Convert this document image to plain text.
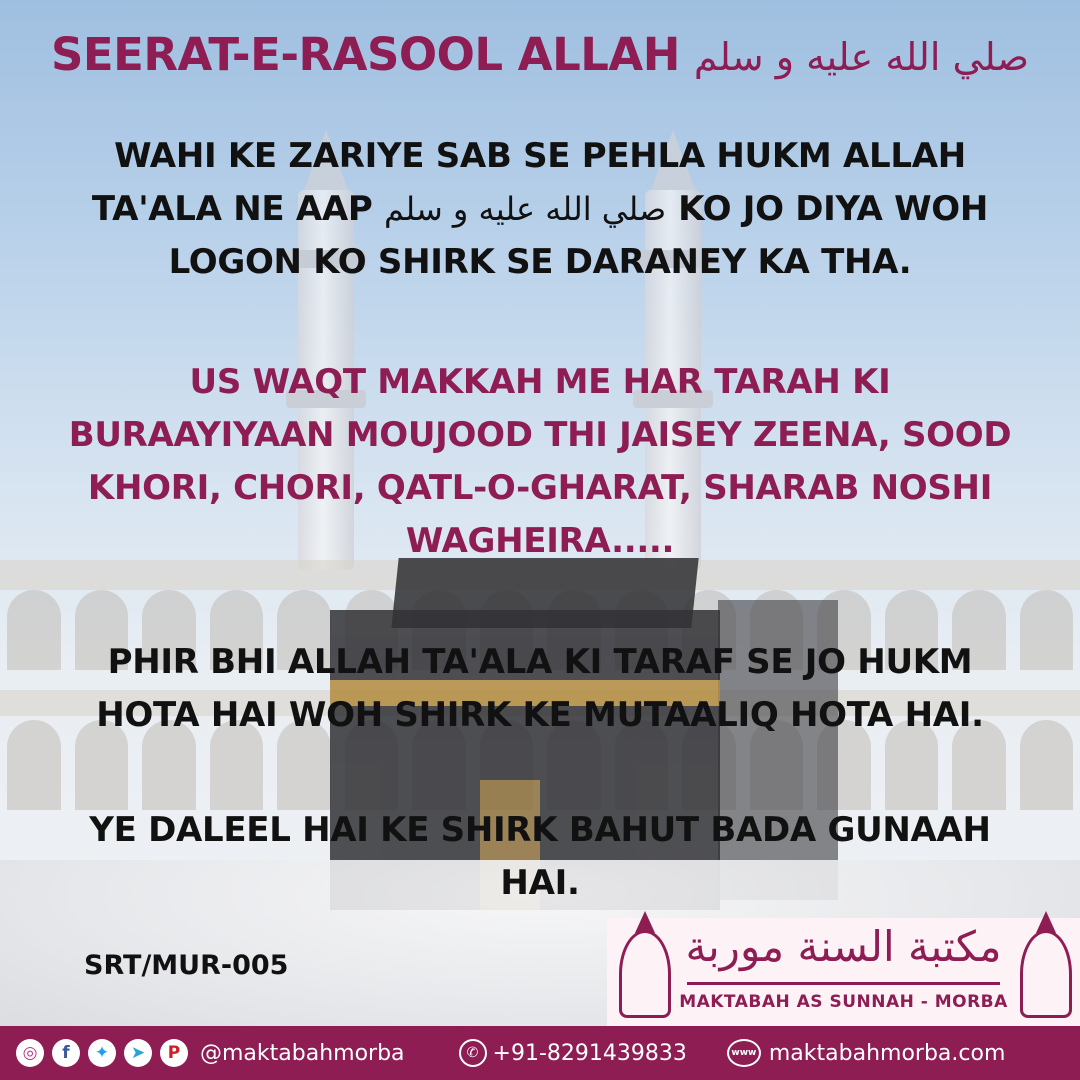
SEERAT-E-RASOOL ALLAH صلي الله عليه و سلم
WAHI KE ZARIYE SAB SE PEHLA HUKM ALLAH
TA'ALA NE AAP صلي الله عليه و سلم KO JO DIYA WOH
LOGON KO SHIRK SE DARANEY KA THA.
US WAQT MAKKAH ME HAR TARAH KI
BURAAYIYAAN MOUJOOD THI JAISEY ZEENA, SOOD
KHORI, CHORI, QATL-O-GHARAT, SHARAB NOSHI
WAGHEIRA.....
PHIR BHI ALLAH TA'ALA KI TARAF SE JO HUKM
HOTA HAI WOH SHIRK KE MUTAALIQ HOTA HAI.
YE DALEEL HAI KE SHIRK BAHUT BADA GUNAAH
HAI.
SRT/MUR-005	مكتبة السنة موربة
MAKTABAH AS SUNNAH - MORBA
◎	f	✦	➤	P @maktabahmorba	✆ +91-8291439833	www maktabahmorba.com
